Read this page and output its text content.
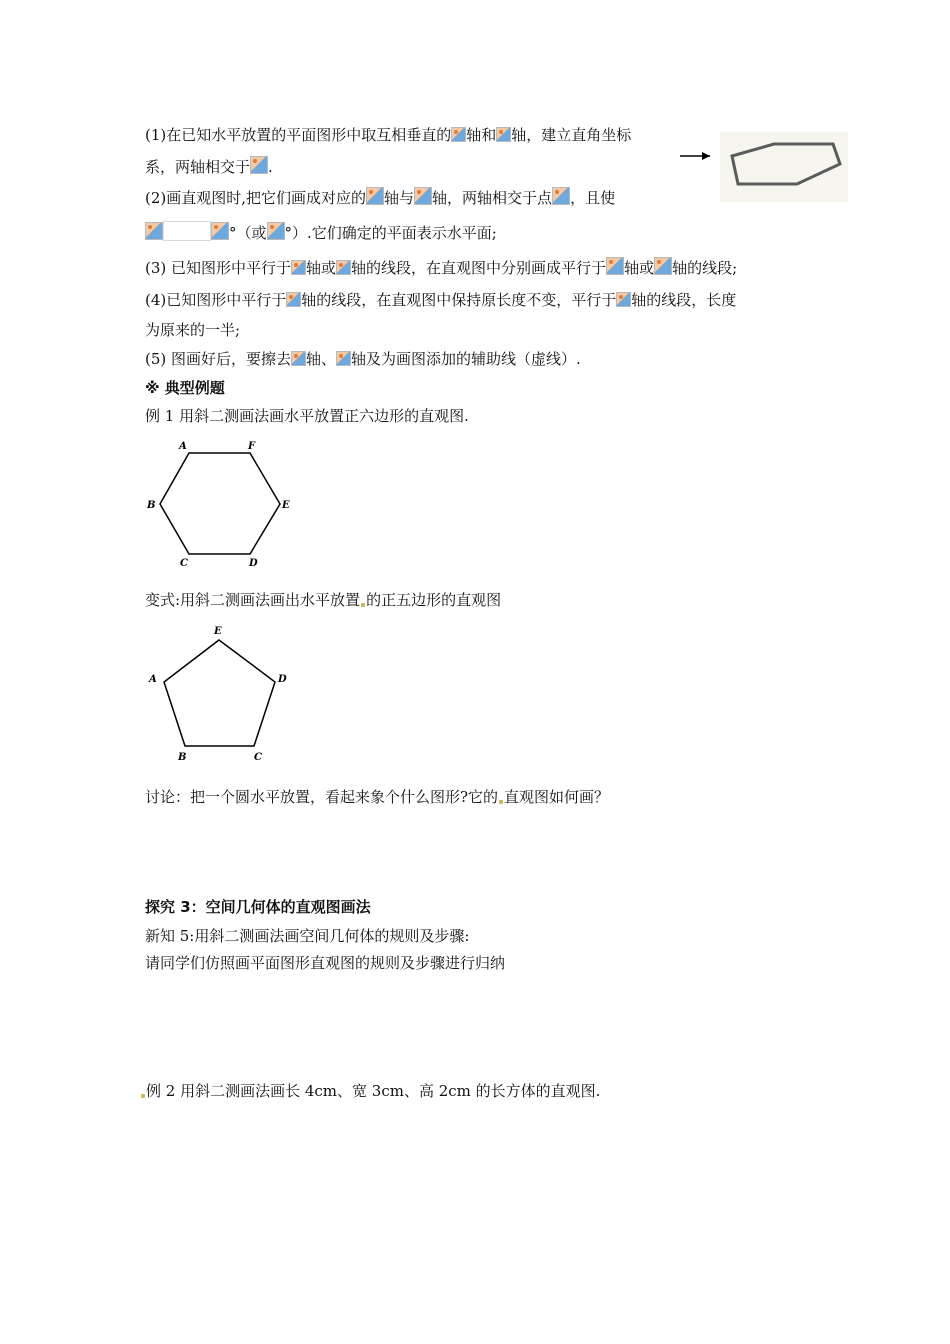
(1)在已知水平放置的平面图形中取互相垂直的 轴和 轴，建立直角坐标
系，两轴相交于 .
(2)画直观图时,把它们画成对应的 轴与 轴，两轴相交于点 ，且使
°（或 °）.它们确定的平面表示水平面;
(3) 已知图形中平行于 轴或 轴的线段，在直观图中分别画成平行于 轴或 轴的线段;
(4)已知图形中平行于 轴的线段，在直观图中保持原长度不变，平行于 轴的线段，长度
为原来的一半;
(5) 图画好后，要擦去 轴、 轴及为画图添加的辅助线（虚线）.
※ 典型例题
例 1 用斜二测画法画水平放置正六边形的直观图.
A	F
B	E
C	D
变式:用斜二测画法画出水平放置 的正五边形的直观图
E
A	D
B	C
讨论：把一个圆水平放置，看起来象个什么图形?它的 直观图如何画？
探究 3：空间几何体的直观图画法
新知 5:用斜二测画法画空间几何体的规则及步骤:
请同学们仿照画平面图形直观图的规则及步骤进行归纳
例 2 用斜二测画法画长 4cm、宽 3cm、高 2cm 的长方体的直观图.
